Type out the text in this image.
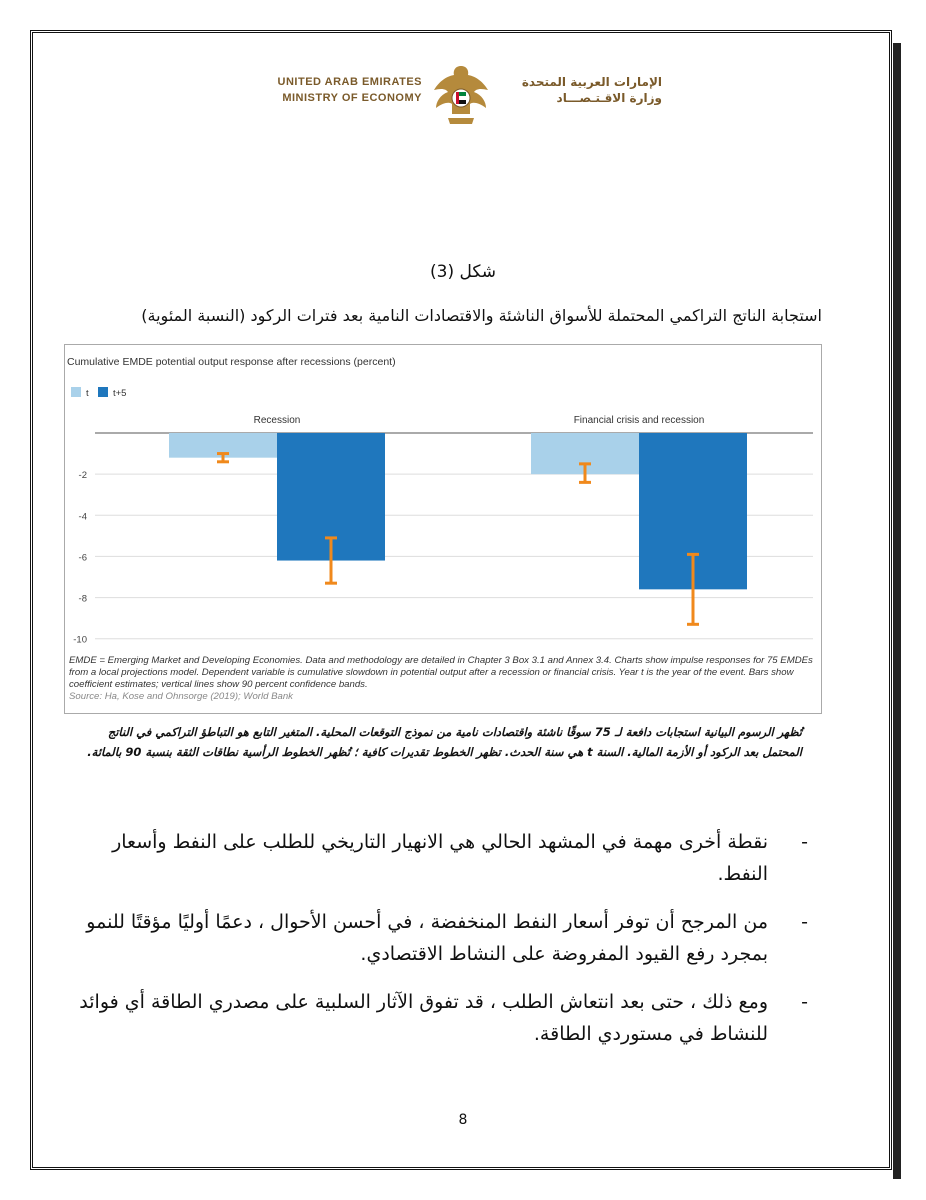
UNITED ARAB EMIRATES
MINISTRY OF ECONOMY
الإمارات العربية المتحدة
وزارة الاقـتـصـــاد
شكل (3)
استجابة الناتج التراكمي المحتملة للأسواق الناشئة والاقتصادات النامية بعد فترات الركود (النسبة المئوية)
Cumulative EMDE potential output response after recessions (percent)
t	t+5
Recession	Financial crisis and recession
-2
-4
-6
-8
-10
EMDE = Emerging Market and Developing Economies. Data and methodology are detailed in Chapter 3 Box 3.1 and Annex 3.4. Charts show impulse responses for 75 EMDEs from a local projections model. Dependent variable is cumulative slowdown in potential output after a recession or financial crisis. Year t is the year of the event. Bars show coefficient estimates; vertical lines show 90 percent confidence bands.
Source: Ha, Kose and Ohnsorge (2019); World Bank
تُظهر الرسوم البيانية استجابات دافعة لـ 75 سوقًا ناشئة واقتصادات نامية من نموذج التوقعات المحلية. المتغير التابع هو التباطؤ التراكمي في الناتج المحتمل بعد الركود أو الأزمة المالية. السنة t هي سنة الحدث. تظهر الخطوط تقديرات كافية ؛ تُظهر الخطوط الرأسية نطاقات الثقة بنسبة 90 بالمائة.
-
نقطة أخرى مهمة في المشهد الحالي هي الانهيار التاريخي للطلب على النفط وأسعار النفط.
-
من المرجح أن توفر أسعار النفط المنخفضة ، في أحسن الأحوال ، دعمًا أوليًا مؤقتًا للنمو بمجرد رفع القيود المفروضة على النشاط الاقتصادي.
-
ومع ذلك ، حتى بعد انتعاش الطلب ، قد تفوق الآثار السلبية على مصدري الطاقة أي فوائد للنشاط في مستوردي الطاقة.
8
